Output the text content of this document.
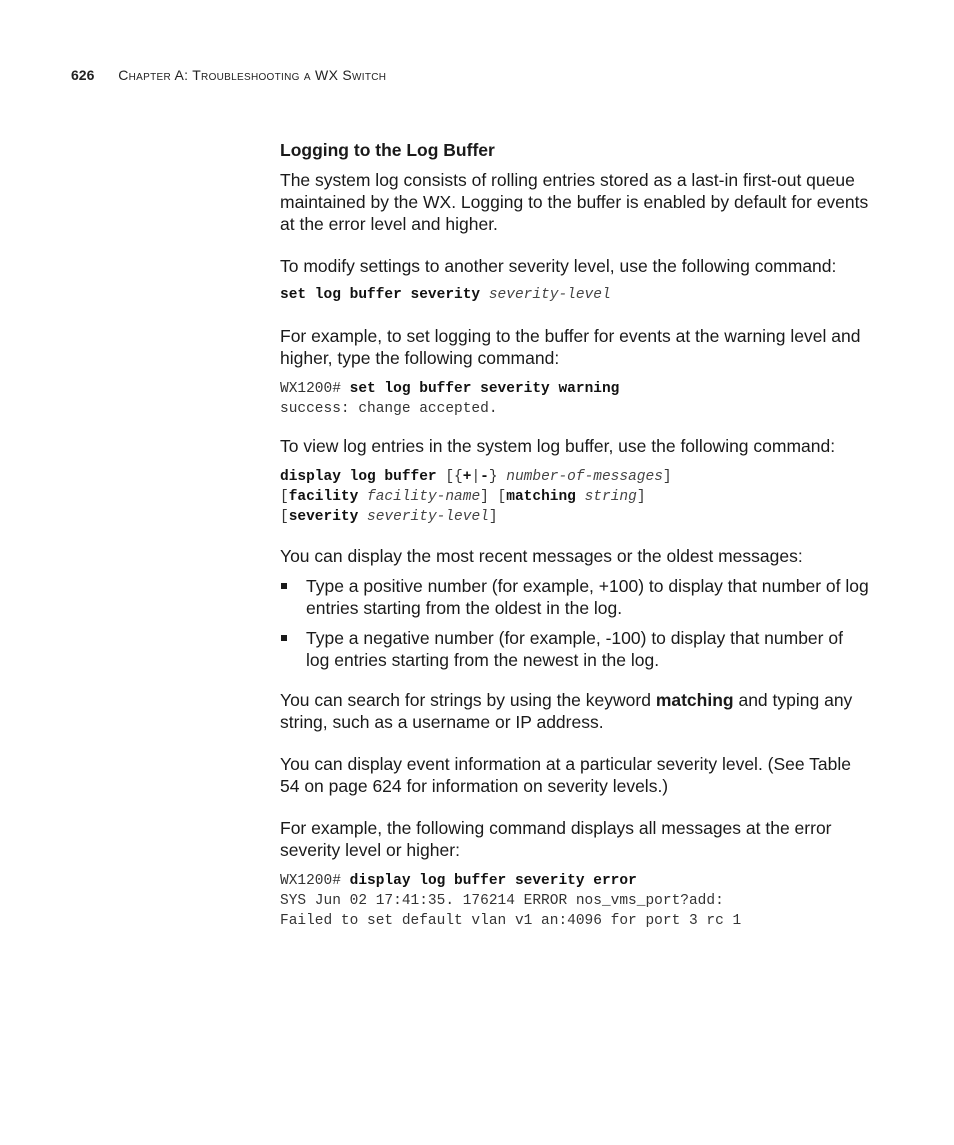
626 Chapter A: Troubleshooting a WX Switch
Logging to the Log Buffer

The system log consists of rolling entries stored as a last-in first-out queue maintained by the WX. Logging to the buffer is enabled by default for events at the error level and higher.

To modify settings to another severity level, use the following command:

set log buffer severity severity-level

For example, to set logging to the buffer for events at the warning level and higher, type the following command:

WX1200# set log buffer severity warning
success: change accepted.

To view log entries in the system log buffer, use the following command:

display log buffer [{+|-} number-of-messages]
[facility facility-name] [matching string]
[severity severity-level]

You can display the most recent messages or the oldest messages:

Type a positive number (for example, +100) to display that number of log entries starting from the oldest in the log.
Type a negative number (for example, -100) to display that number of log entries starting from the newest in the log.

You can search for strings by using the keyword matching and typing any string, such as a username or IP address.

You can display event information at a particular severity level. (See Table 54 on page 624 for information on severity levels.)

For example, the following command displays all messages at the error severity level or higher:

WX1200# display log buffer severity error
SYS Jun 02 17:41:35. 176214 ERROR nos_vms_port?add:
Failed to set default vlan v1 an:4096 for port 3 rc 1
